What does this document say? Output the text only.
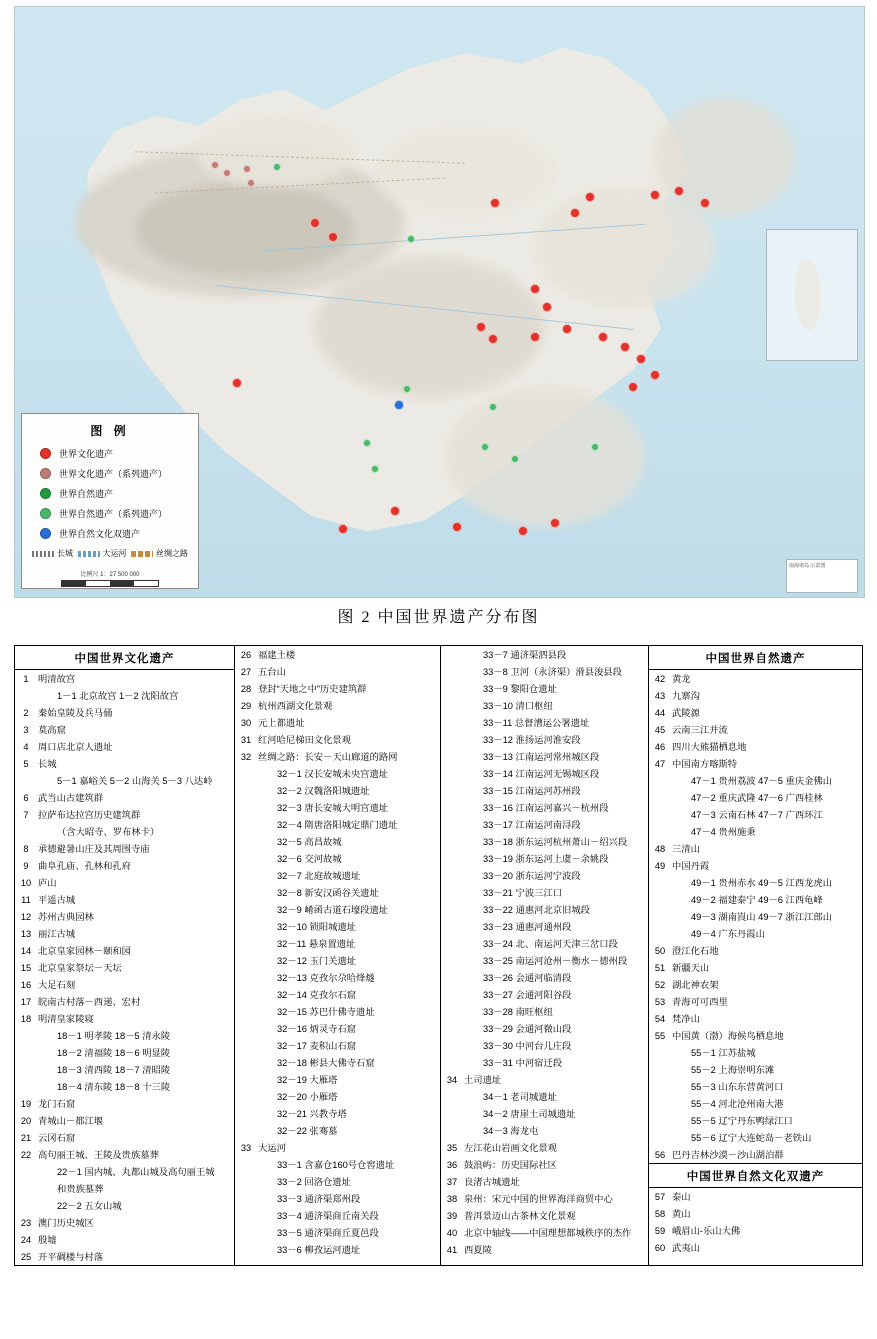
南海诸岛 示意图
图 例
世界文化遗产
世界文化遗产（系列遗产）
世界自然遗产
世界自然遗产（系列遗产）
世界自然文化双遗产
长城	大运河	丝绸之路
比例尺 1：27 500 000
图 2 中国世界遗产分布图
中国世界文化遗产
1	明清故宫
1－1 北京故宫 1－2 沈阳故宫
2	秦始皇陵及兵马俑
3	莫高窟
4	周口店北京人遗址
5	长城
5－1 嘉峪关 5－2 山海关 5－3 八达岭
6	武当山古建筑群
7	拉萨布达拉宫历史建筑群
（含大昭寺、罗布林卡）
8	承德避暑山庄及其周围寺庙
9	曲阜孔庙、孔林和孔府
10 庐山
11 平遥古城
12 苏州古典园林
13 丽江古城
14 北京皇家园林－颐和园
15 北京皇家祭坛－天坛
16 大足石刻
17 皖南古村落－西递、宏村
18 明清皇家陵寝
18－1 明孝陵 18－5 清永陵
18－2 清福陵 18－6 明显陵
18－3 清西陵 18－7 清昭陵
18－4 清东陵 18－8 十三陵
19 龙门石窟
20 青城山－都江堰
21 云冈石窟
22 高句丽王城、王陵及贵族墓葬
22－1 国内城、丸都山城及高句丽王城
和贵族墓葬
22－2 五女山城
23 澳门历史城区
24 殷墟
25 开平碉楼与村落
26 福建土楼
27 五台山
28 登封“天地之中”历史建筑群
29 杭州西湖文化景观
30 元上都遗址
31 红河哈尼梯田文化景观
32 丝绸之路：长安－天山廊道的路网
32－1 汉长安城未央宫遗址
32－2 汉魏洛阳城遗址
32－3 唐长安城大明宫遗址
32－4 隋唐洛阳城定鼎门遗址
32－5 高昌故城
32－6 交河故城
32－7 北庭故城遗址
32－8 新安汉函谷关遗址
32－9 崤函古道石壕段遗址
32－10 锁阳城遗址
32－11 悬泉置遗址
32－12 玉门关遗址
32－13 克孜尔尕哈烽燧
32－14 克孜尔石窟
32－15 苏巴什佛寺遗址
32－16 炳灵寺石窟
32－17 麦积山石窟
32－18 彬县大佛寺石窟
32－19 大雁塔
32－20 小雁塔
32－21 兴教寺塔
32－22 张骞墓
33 大运河
33－1 含嘉仓160号仓窖遗址
33－2 回洛仓遗址
33－3 通济渠郑州段
33－4 通济渠商丘南关段
33－5 通济渠商丘夏邑段
33－6 柳孜运河遗址
33－7 通济渠泗县段
33－8 卫河（永济渠）滑县浚县段
33－9 黎阳仓遗址
33－10 清口枢纽
33－11 总督漕运公署遗址
33－12 淮扬运河淮安段
33－13 江南运河常州城区段
33－14 江南运河无锡城区段
33－15 江南运河苏州段
33－16 江南运河嘉兴－杭州段
33－17 江南运河南浔段
33－18 浙东运河杭州萧山－绍兴段
33－19 浙东运河上虞－余姚段
33－20 浙东运河宁波段
33－21 宁波三江口
33－22 通惠河北京旧城段
33－23 通惠河通州段
33－24 北、南运河天津三岔口段
33－25 南运河沧州－衡水－德州段
33－26 会通河临清段
33－27 会通河阳谷段
33－28 南旺枢纽
33－29 会通河微山段
33－30 中河台儿庄段
33－31 中河宿迁段
34 土司遗址
34－1 老司城遗址
34－2 唐崖土司城遗址
34－3 海龙屯
35 左江花山岩画文化景观
36 鼓浪屿：历史国际社区
37 良渚古城遗址
38 泉州：宋元中国的世界海洋商贸中心
39 普洱景迈山古茶林文化景观
40 北京中轴线——中国理想都城秩序的杰作
41 西夏陵
中国世界自然遗产
42 黄龙
43 九寨沟
44 武陵源
45 云南三江并流
46 四川大熊猫栖息地
47 中国南方喀斯特
47－1 贵州荔波 47－5 重庆金佛山
47－2 重庆武隆 47－6 广西桂林
47－3 云南石林 47－7 广西环江
47－4 贵州施秉
48 三清山
49 中国丹霞
49－1 贵州赤水 49－5 江西龙虎山
49－2 福建泰宁 49－6 江西龟峰
49－3 湖南崀山 49－7 浙江江郎山
49－4 广东丹霞山
50 澄江化石地
51 新疆天山
52 湖北神农架
53 青海可可西里
54 梵净山
55 中国黄（渤）海候鸟栖息地
55－1 江苏盐城
55－2 上海崇明东滩
55－3 山东东营黄河口
55－4 河北沧州南大港
55－5 辽宁丹东鸭绿江口
55－6 辽宁大连蛇岛－老铁山
56 巴丹吉林沙漠－沙山湖泊群
中国世界自然文化双遗产
57 泰山
58 黄山
59 峨眉山-乐山大佛
60 武夷山
